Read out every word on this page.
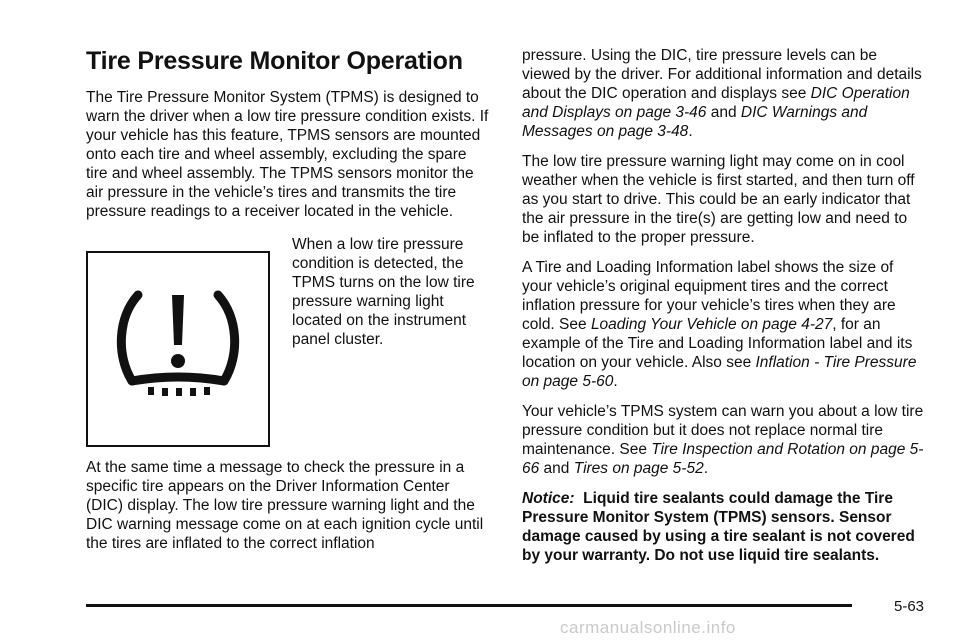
Tire Pressure Monitor Operation

The Tire Pressure Monitor System (TPMS) is designed to warn the driver when a low tire pressure condition exists. If your vehicle has this feature, TPMS sensors are mounted onto each tire and wheel assembly, excluding the spare tire and wheel assembly. The TPMS sensors monitor the air pressure in the vehicle’s tires and transmits the tire pressure readings to a receiver located in the vehicle.

When a low tire pressure condition is detected, the TPMS turns on the low tire pressure warning light located on the instrument panel cluster.

At the same time a message to check the pressure in a specific tire appears on the Driver Information Center (DIC) display. The low tire pressure warning light and the DIC warning message come on at each ignition cycle until the tires are inflated to the correct inflation

pressure. Using the DIC, tire pressure levels can be viewed by the driver. For additional information and details about the DIC operation and displays see DIC Operation and Displays on page 3-46 and DIC Warnings and Messages on page 3-48.

The low tire pressure warning light may come on in cool weather when the vehicle is first started, and then turn off as you start to drive. This could be an early indicator that the air pressure in the tire(s) are getting low and need to be inflated to the proper pressure.

A Tire and Loading Information label shows the size of your vehicle’s original equipment tires and the correct inflation pressure for your vehicle’s tires when they are cold. See Loading Your Vehicle on page 4-27, for an example of the Tire and Loading Information label and its location on your vehicle. Also see Inflation - Tire Pressure on page 5-60.

Your vehicle’s TPMS system can warn you about a low tire pressure condition but it does not replace normal tire maintenance. See Tire Inspection and Rotation on page 5-66 and Tires on page 5-52.

Notice: Liquid tire sealants could damage the Tire Pressure Monitor System (TPMS) sensors. Sensor damage caused by using a tire sealant is not covered by your warranty. Do not use liquid tire sealants.

5-63
carmanualsonline.info
